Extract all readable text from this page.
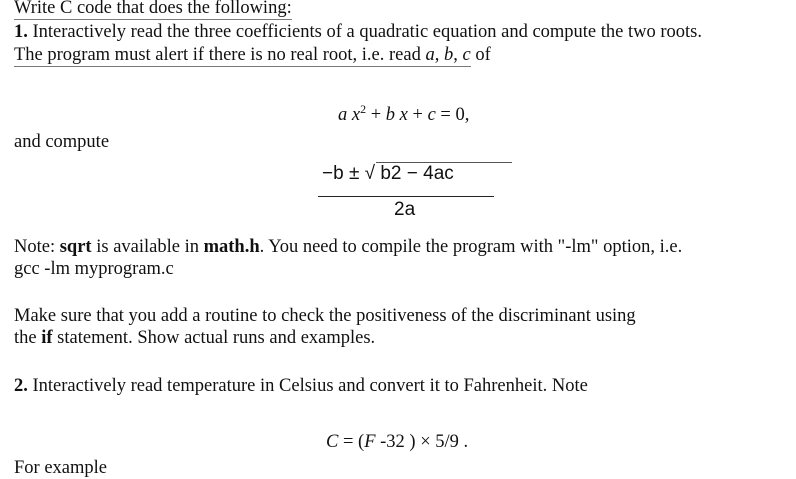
Write C code that does the following:
1. Interactively read the three coefficients of a quadratic equation and compute the two roots.
The program must alert if there is no real root, i.e. read a, b, c of
a $x^2 + b$ x + c = 0,
and compute
−b ± √ b2 − 4ac
2a
Note: sqrt is available in math.h. You need to compile the program with "-lm" option, i.e.
gcc -lm myprogram.c
Make sure that you add a routine to check the positiveness of the discriminant using
the if statement. Show actual runs and examples.
2. Interactively read temperature in Celsius and convert it to Fahrenheit. Note
C = (F -32 ) × 5/9 .
For example
